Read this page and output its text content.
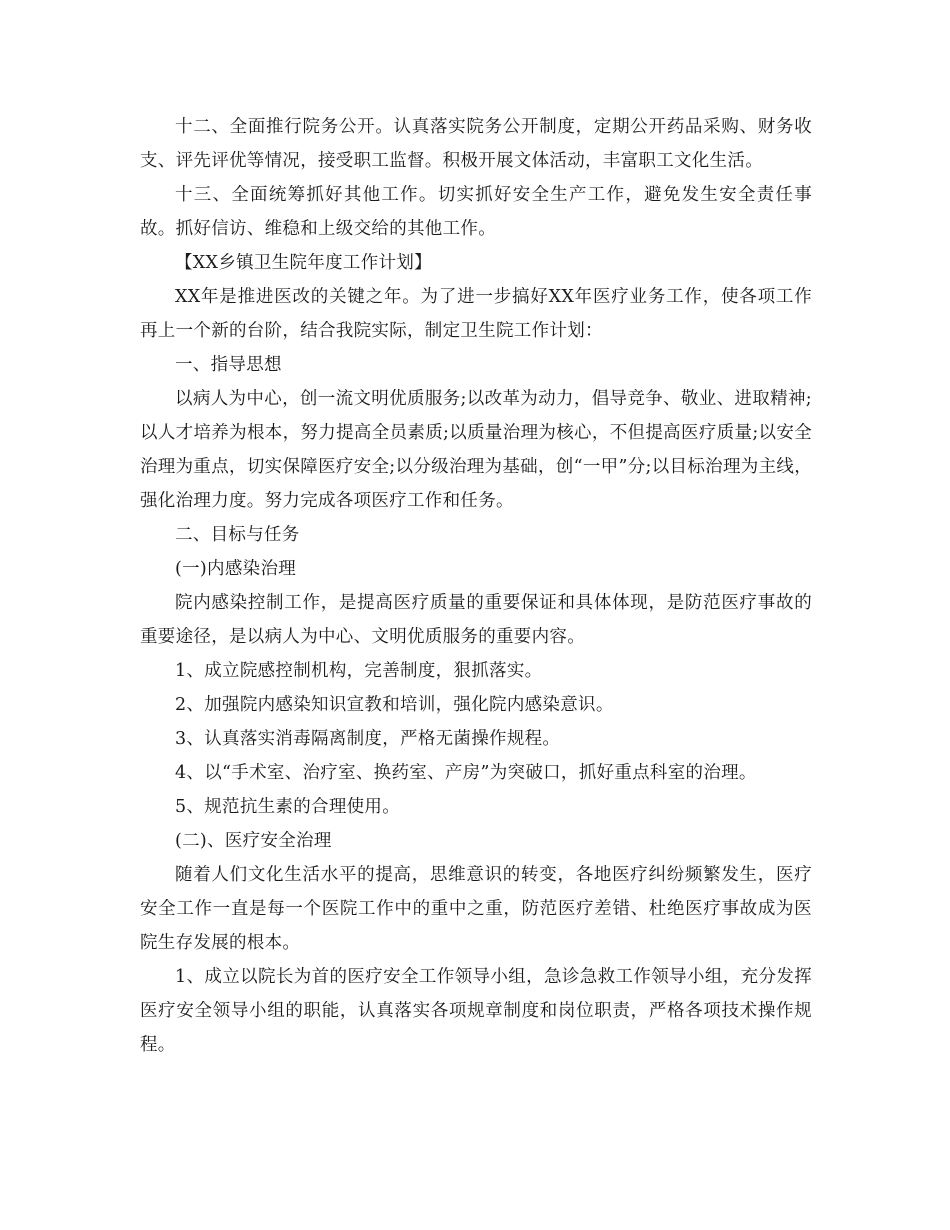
十二、全面推行院务公开。认真落实院务公开制度，定期公开药品采购、财务收支、评先评优等情况，接受职工监督。积极开展文体活动，丰富职工文化生活。

十三、全面统筹抓好其他工作。切实抓好安全生产工作，避免发生安全责任事故。抓好信访、维稳和上级交给的其他工作。

【XX乡镇卫生院年度工作计划】

XX年是推进医改的关键之年。为了进一步搞好XX年医疗业务工作，使各项工作再上一个新的台阶，结合我院实际，制定卫生院工作计划：

一、指导思想

以病人为中心，创一流文明优质服务;以改革为动力，倡导竞争、敬业、进取精神;以人才培养为根本，努力提高全员素质;以质量治理为核心，不但提高医疗质量;以安全治理为重点，切实保障医疗安全;以分级治理为基础，创“一甲”分;以目标治理为主线，强化治理力度。努力完成各项医疗工作和任务。

二、目标与任务

(一)内感染治理

院内感染控制工作，是提高医疗质量的重要保证和具体体现，是防范医疗事故的重要途径，是以病人为中心、文明优质服务的重要内容。

1、成立院感控制机构，完善制度，狠抓落实。

2、加强院内感染知识宣教和培训，强化院内感染意识。

3、认真落实消毒隔离制度，严格无菌操作规程。

4、以“手术室、治疗室、换药室、产房”为突破口，抓好重点科室的治理。

5、规范抗生素的合理使用。

(二)、医疗安全治理

随着人们文化生活水平的提高，思维意识的转变，各地医疗纠纷频繁发生，医疗安全工作一直是每一个医院工作中的重中之重，防范医疗差错、杜绝医疗事故成为医院生存发展的根本。

1、成立以院长为首的医疗安全工作领导小组，急诊急救工作领导小组，充分发挥医疗安全领导小组的职能，认真落实各项规章制度和岗位职责，严格各项技术操作规程。
